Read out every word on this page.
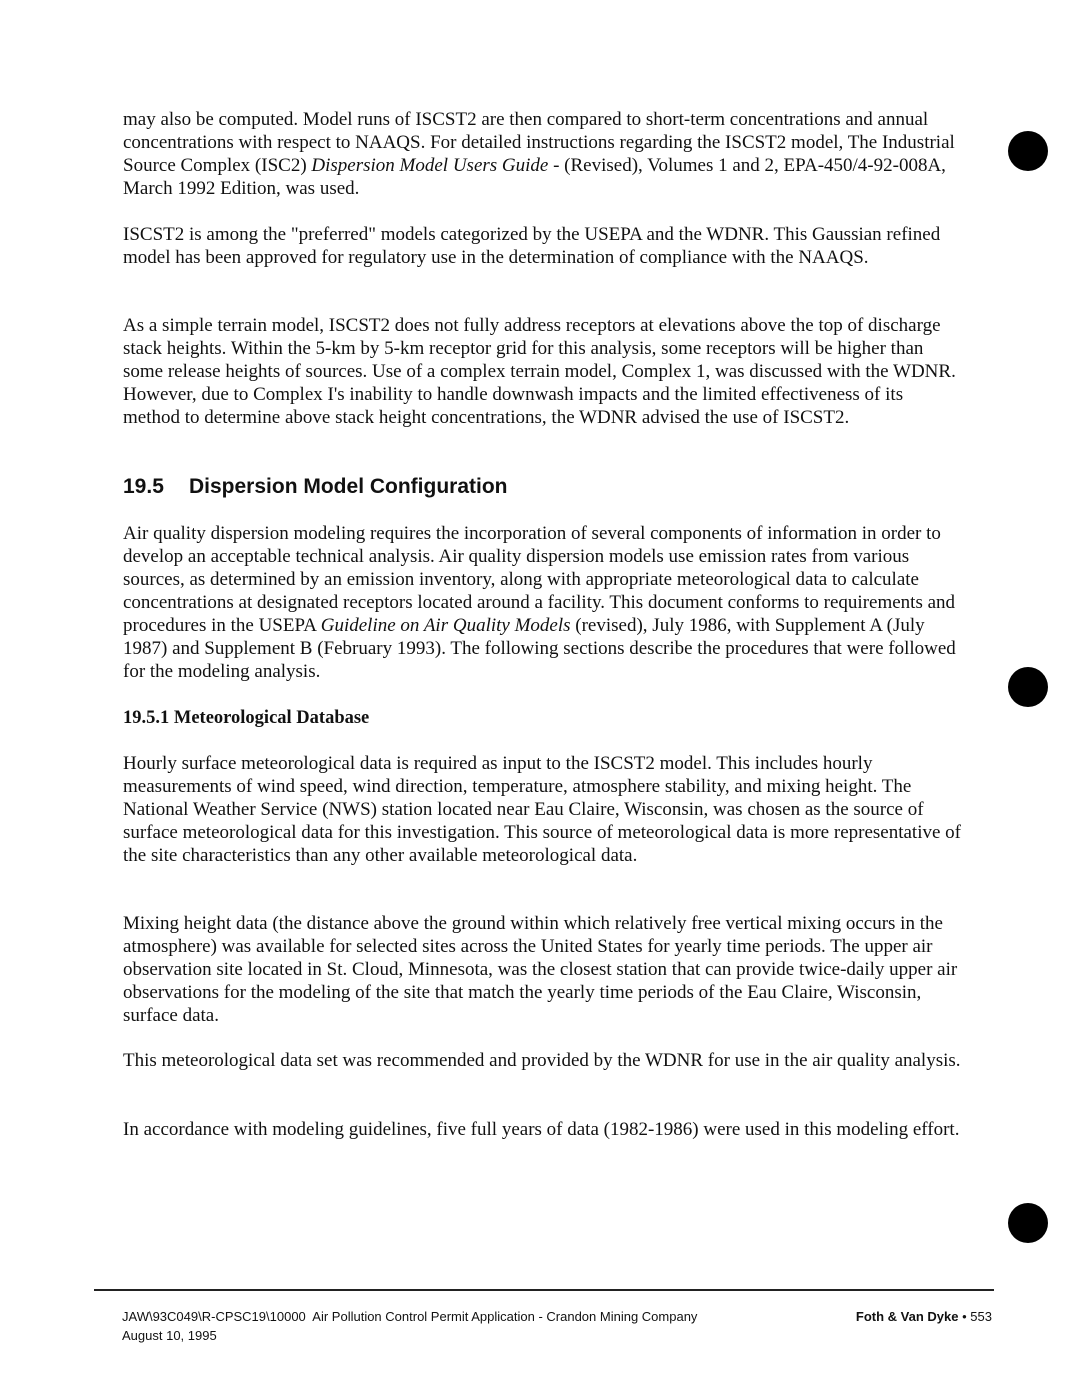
may also be computed. Model runs of ISCST2 are then compared to short-term concentrations and annual concentrations with respect to NAAQS. For detailed instructions regarding the ISCST2 model, The Industrial Source Complex (ISC2) Dispersion Model Users Guide - (Revised), Volumes 1 and 2, EPA-450/4-92-008A, March 1992 Edition, was used.

ISCST2 is among the "preferred" models categorized by the USEPA and the WDNR. This Gaussian refined model has been approved for regulatory use in the determination of compliance with the NAAQS.

As a simple terrain model, ISCST2 does not fully address receptors at elevations above the top of discharge stack heights. Within the 5-km by 5-km receptor grid for this analysis, some receptors will be higher than some release heights of sources. Use of a complex terrain model, Complex 1, was discussed with the WDNR. However, due to Complex I's inability to handle downwash impacts and the limited effectiveness of its method to determine above stack height concentrations, the WDNR advised the use of ISCST2.

19.5 Dispersion Model Configuration

Air quality dispersion modeling requires the incorporation of several components of information in order to develop an acceptable technical analysis. Air quality dispersion models use emission rates from various sources, as determined by an emission inventory, along with appropriate meteorological data to calculate concentrations at designated receptors located around a facility. This document conforms to requirements and procedures in the USEPA Guideline on Air Quality Models (revised), July 1986, with Supplement A (July 1987) and Supplement B (February 1993). The following sections describe the procedures that were followed for the modeling analysis.

19.5.1 Meteorological Database

Hourly surface meteorological data is required as input to the ISCST2 model. This includes hourly measurements of wind speed, wind direction, temperature, atmosphere stability, and mixing height. The National Weather Service (NWS) station located near Eau Claire, Wisconsin, was chosen as the source of surface meteorological data for this investigation. This source of meteorological data is more representative of the site characteristics than any other available meteorological data.

Mixing height data (the distance above the ground within which relatively free vertical mixing occurs in the atmosphere) was available for selected sites across the United States for yearly time periods. The upper air observation site located in St. Cloud, Minnesota, was the closest station that can provide twice-daily upper air observations for the modeling of the site that match the yearly time periods of the Eau Claire, Wisconsin, surface data.

This meteorological data set was recommended and provided by the WDNR for use in the air quality analysis.

In accordance with modeling guidelines, five full years of data (1982-1986) were used in this modeling effort.

JAW\93C049\R-CPSC19\10000 Air Pollution Control Permit Application - Crandon Mining Company
August 10, 1995
Foth & Van Dyke • 553
